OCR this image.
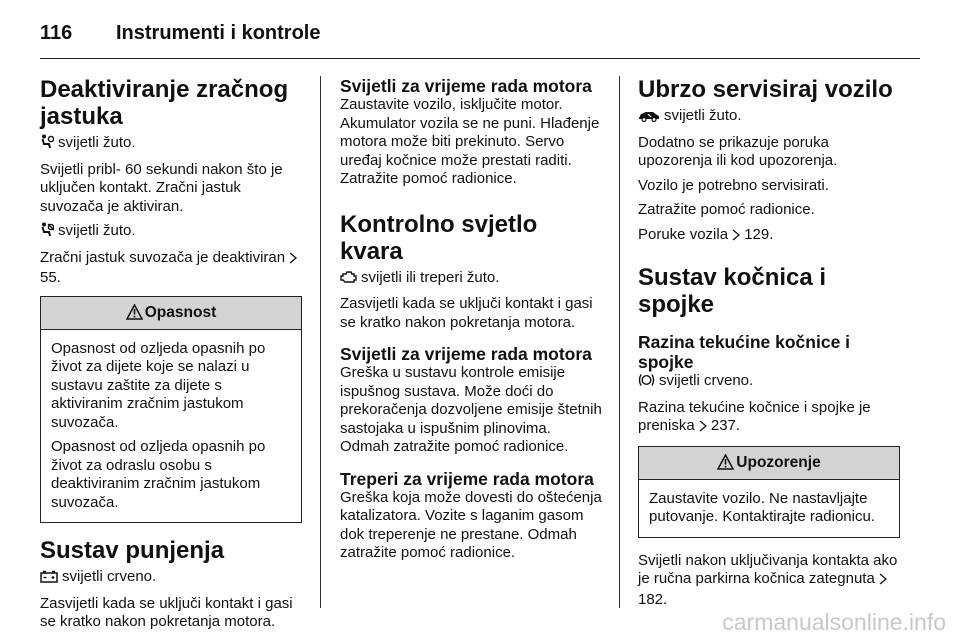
116 Instrumenti i kontrole
Deaktiviranje zračnog jastuka

svijetli žuto.

Svijetli pribl- 60 sekundi nakon što je uključen kontakt. Zračni jastuk suvozača je aktiviran.

svijetli žuto.

Zračni jastuk suvozača je deaktiviran 55.

Opasnost

Opasnost od ozljeda opasnih po život za dijete koje se nalazi u sustavu zaštite za dijete s aktiviranim zračnim jastukom suvozača.

Opasnost od ozljeda opasnih po život za odraslu osobu s deaktiviranim zračnim jastukom suvozača.

Sustav punjenja

svijetli crveno.

Zasvijetli kada se uključi kontakt i gasi se kratko nakon pokretanja motora.

Svijetli za vrijeme rada motora

Zaustavite vozilo, isključite motor. Akumulator vozila se ne puni. Hlađenje motora može biti prekinuto. Servo uređaj kočnice može prestati raditi. Zatražite pomoć radionice.

Kontrolno svjetlo kvara

svijetli ili treperi žuto.

Zasvijetli kada se uključi kontakt i gasi se kratko nakon pokretanja motora.

Svijetli za vrijeme rada motora

Greška u sustavu kontrole emisije ispušnog sustava. Može doći do prekoračenja dozvoljene emisije štetnih sastojaka u ispušnim plinovima. Odmah zatražite pomoć radionice.

Treperi za vrijeme rada motora

Greška koja može dovesti do oštećenja katalizatora. Vozite s laganim gasom dok treperenje ne prestane. Odmah zatražite pomoć radionice.

Ubrzo servisiraj vozilo

svijetli žuto.

Dodatno se prikazuje poruka upozorenja ili kod upozorenja.

Vozilo je potrebno servisirati.

Zatražite pomoć radionice.

Poruke vozila 129.

Sustav kočnica i spojke
Razina tekućine kočnice i spojke

svijetli crveno.

Razina tekućine kočnice i spojke je preniska 237.

Upozorenje

Zaustavite vozilo. Ne nastavljajte putovanje. Kontaktirajte radionicu.

Svijetli nakon uključivanja kontakta ako je ručna parkirna kočnica zategnuta 182.

carmanualsonline.info
